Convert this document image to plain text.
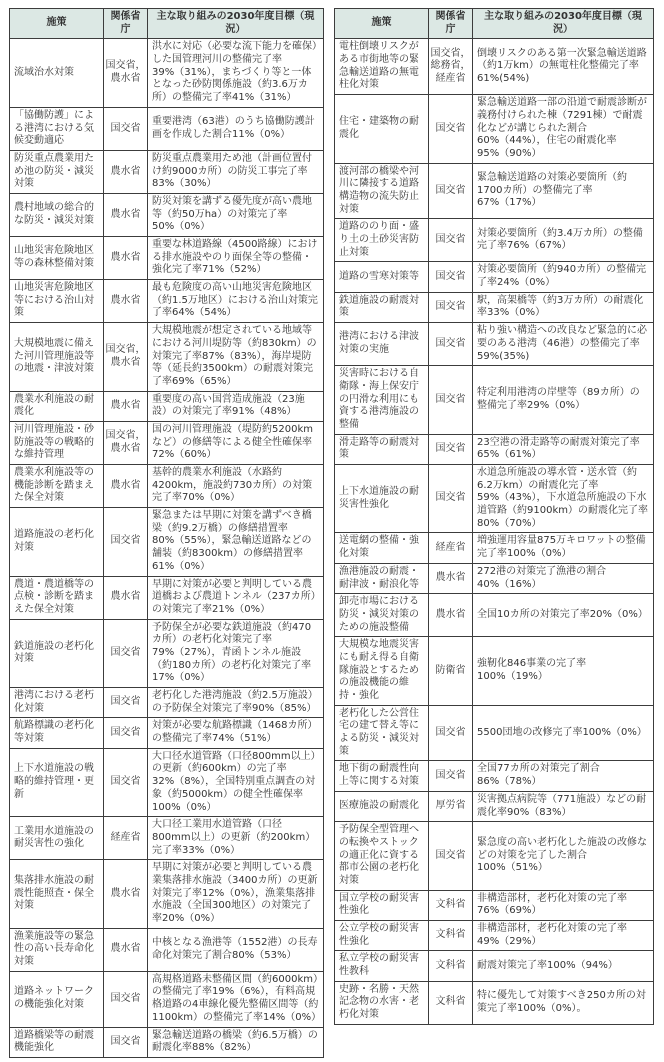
施策	関係省庁	主な取り組みの2030年度目標（現況）
流域治水対策	国交省，農水省	洪水に対応（必要な流下能力を確保）した国管理河川の整備完了率39%（31%），まちづくり等と一体となった砂防関係施設（約3.6万カ所）の整備完了率41%（31%）
「協働防護」による港湾における気候変動適応	国交省	重要港湾（63港）のうち協働防護計画を作成した割合11%（0%）
防災重点農業用ため池の防災・減災対策	農水省	防災重点農業用ため池（計画位置付け約9000カ所）の防災工事完了率83%（30%）
農村地域の総合的な防災・減災対策	農水省	防災対策を講ずる優先度が高い農地等（約50万ha）の対策完了率50%（0%）
山地災害危険地区等の森林整備対策	農水省	重要な林道路線（4500路線）における排水施設やのり面保全等の整備・強化完了率71%（52%）
山地災害危険地区等における治山対策	農水省	最も危険度の高い山地災害危険地区（約1.5万地区）における治山対策完了率64%（54%）
大規模地震に備えた河川管理施設等の地震・津波対策	国交省，農水省	大規模地震が想定されている地域等における河川堤防等（約830km）の対策完了率87%（83%），海岸堤防等（延長約3500km）の耐震対策完了率69%（65%）
農業水利施設の耐震化	農水省	重要度の高い国営造成施設（23施設）の対策完了率91%（48%）
河川管理施設・砂防施設等の戦略的な維持管理	国交省，農水省	国の河川管理施設（堤防約5200kmなど）の修繕等による健全性確保率72%（60%）
農業水利施設等の機能診断を踏まえた保全対策	農水省	基幹的農業水利施設（水路約4200km，施設約730カ所）の対策完了率70%（0%）
道路施設の老朽化対策	国交省	緊急または早期に対策を講ずべき橋梁（約9.2万橋）の修繕措置率80%（55%），緊急輸送道路などの舗装（約8300km）の修繕措置率61%（0%）
農道・農道橋等の点検・診断を踏まえた保全対策	農水省	早期に対策が必要と判明している農道橋および農道トンネル（237カ所）の対策完了率21%（0%）
鉄道施設の老朽化対策	国交省	予防保全が必要な鉄道施設（約470カ所）の老朽化対策完了率79%（27%），青函トンネル施設（約180カ所）の老朽化対策完了率17%（0%）
港湾における老朽化対策	国交省	老朽化した港湾施設（約2.5万施設）の予防保全対策完了率90%（85%）
航路標識の老朽化等対策	国交省	対策が必要な航路標識（1468カ所）の整備完了率74%（51%）
上下水道施設の戦略的維持管理・更新	国交省	大口径水道管路（口径800mm以上）の更新（約600km）の完了率32%（8%），全国特別重点調査の対象（約5000km）の健全性確保率100%（0%）
工業用水道施設の耐災害性の強化	経産省	大口径工業用水道管路（口径800mm以上）の更新（約200km）完了率33%（0%）
集落排水施設の耐震性能照査・保全対策	農水省	早期に対策が必要と判明している農業集落排水施設（3400カ所）の更新対策完了率12%（0%），漁業集落排水施設（全国300地区）の対策完了率20%（0%）
漁業施設等の緊急性の高い長寿命化対策	農水省	中核となる漁港等（1552港）の長寿命化対策完了割合80%（53%）
道路ネットワークの機能強化対策	国交省	高規格道路未整備区間（約6000km）の整備完了率19%（6%），有料高規格道路の4車線化優先整備区間等（約1100km）の整備完了率14%（0%）
道路橋梁等の耐震機能強化	国交省	緊急輸送道路の橋梁（約6.5万橋）の耐震化率88%（82%）
施策	関係省庁	主な取り組みの2030年度目標（現況）
電柱倒壊リスクがある市街地等の緊急輸送道路の無電柱化対策	国交省，総務省，経産省	倒壊リスクのある第一次緊急輸送道路（約1万km）の無電柱化整備完了率61%(54%)
住宅・建築物の耐震化	国交省	緊急輸送道路一部の沿道で耐震診断が義務付けられた棟（7291棟）で耐震化などが講じられた割合60%（44%），住宅の耐震化率95%（90%）
渡河部の橋梁や河川に隣接する道路構造物の流失防止対策	国交省	緊急輸送道路の対策必要箇所（約1700カ所）の整備完了率67%（17%）
道路ののり面・盛り土の土砂災害防止対策	国交省	対策必要箇所（約3.4万カ所）の整備完了率76%（67%）
道路の雪寒対策等	国交省	対策必要箇所（約940カ所）の整備完了率24%（0%）
鉄道施設の耐震対策	国交省	駅，高架橋等（約3万カ所）の耐震化率33%（0%）
港湾における津波対策の実施	国交省	粘り強い構造への改良など緊急的に必要のある港湾（46港）の整備完了率59%(35%)
災害時における自衛隊・海上保安庁の円滑な利用にも資する港湾施設の整備	国交省	特定利用港湾の岸壁等（89カ所）の整備完了率29%（0%）
滑走路等の耐震対策	国交省	23空港の滑走路等の耐震対策完了率65%（61%）
上下水道施設の耐災害性強化	国交省	水道急所施設の導水管・送水管（約6.2万km）の耐震化完了率59%（43%），下水道急所施設の下水道管路（約9100km）の耐震化完了率80%（70%）
送電網の整備・強化対策	経産省	増強運用容量875万キロワットの整備完了率100%（0%）
漁港施設の耐震・耐津波・耐浪化等	農水省	272港の対策完了漁港の割合40%（16%）
卸売市場における防災・減災対策のための施設整備	農水省	全国10カ所の対策完了率20%（0%）
大規模な地震災害にも耐え得る自衛隊施設とするための施設機能の維持・強化	防衛省	強靭化846事業の完了率100%（19%）
老朽化した公営住宅の建て替え等による防災・減災対策	国交省	5500団地の改修完了率100%（0%）
地下街の耐震性向上等に関する対策	国交省	全国77カ所の対策完了割合86%（78%）
医療施設の耐震化	厚労省	災害拠点病院等（771施設）などの耐震化率90%（83%）
予防保全型管理への転換やストックの適正化に資する都市公園の老朽化対策	国交省	緊急度の高い老朽化した施設の改修などの対策を完了した割合100%（51%）
国立学校の耐災害性強化	文科省	非構造部材，老朽化対策の完了率76%（69%）
公立学校の耐災害性強化	文科省	非構造部材，老朽化対策の完了率49%（29%）
私立学校の耐災害性教科	文科省	耐震対策完了率100%（94%）
史跡・名勝・天然記念物の水害・老朽化対策	文科省	特に優先して対策すべき250カ所の対策完了率100%（0%）。
